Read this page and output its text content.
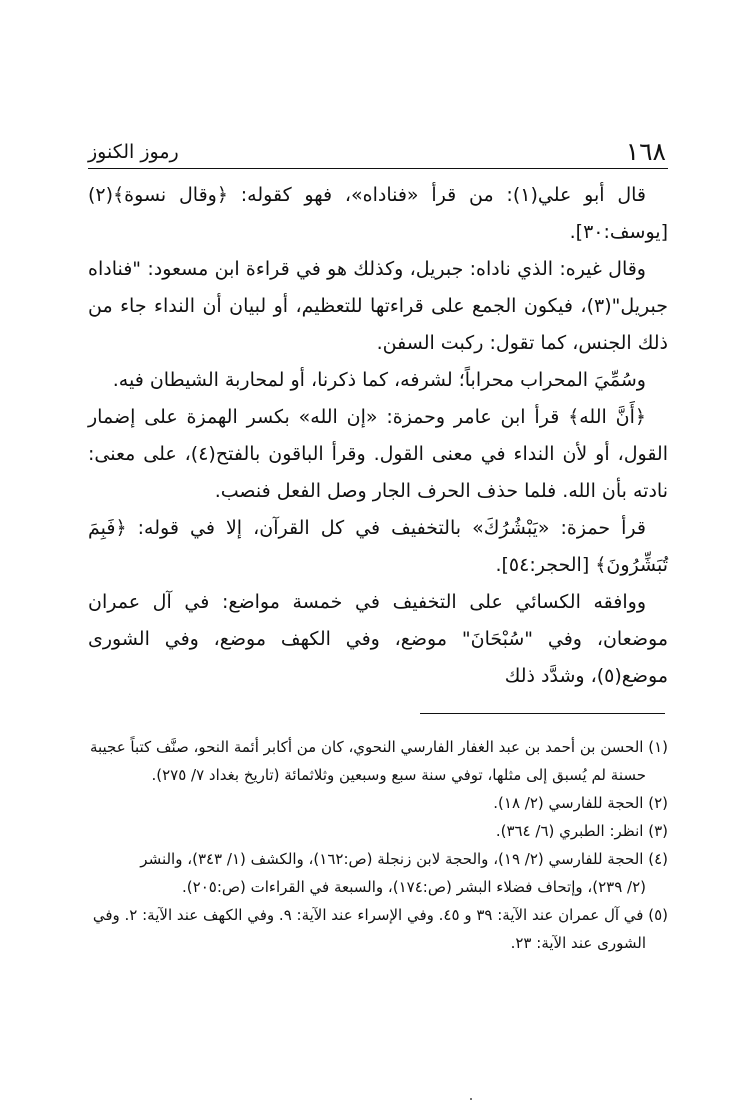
١٦٨
رموز الكنوز

قال أبو علي(١): من قرأ «فناداه»، فهو كقوله: ﴿وقال نسوة﴾(٢) [يوسف:٣٠].

وقال غيره: الذي ناداه: جبريل، وكذلك هو في قراءة ابن مسعود: "فناداه جبريل"(٣)، فيكون الجمع على قراءتها للتعظيم، أو لبيان أن النداء جاء من ذلك الجنس، كما تقول: ركبت السفن.

وسُمِّيَ المحراب محراباً؛ لشرفه، كما ذكرنا، أو لمحاربة الشيطان فيه.

﴿أَنَّ الله﴾ قرأ ابن عامر وحمزة: «إن الله» بكسر الهمزة على إضمار القول، أو لأن النداء في معنى القول. وقرأ الباقون بالفتح(٤)، على معنى: نادته بأن الله. فلما حذف الحرف الجار وصل الفعل فنصب.

قرأ حمزة: «يَبْشُرُكَ» بالتخفيف في كل القرآن، إلا في قوله: ﴿فَبِمَ تُبَشِّرُونَ﴾ [الحجر:٥٤].

ووافقه الكسائي على التخفيف في خمسة مواضع: في آل عمران موضعان، وفي "سُبْحَانَ" موضع، وفي الكهف موضع، وفي الشورى موضع(٥)، وشدَّد ذلك

(١) الحسن بن أحمد بن عبد الغفار الفارسي النحوي، كان من أكابر أئمة النحو، صنَّف كتباً عجيبة

حسنة لم يُسبق إلى مثلها، توفي سنة سبع وسبعين وثلاثمائة (تاريخ بغداد ٧/ ٢٧٥).

(٢) الحجة للفارسي (٢/ ١٨).

(٣) انظر: الطبري (٦/ ٣٦٤).

(٤) الحجة للفارسي (٢/ ١٩)، والحجة لابن زنجلة (ص:١٦٢)، والكشف (١/ ٣٤٣)، والنشر

(٢/ ٢٣٩)، وإتحاف فضلاء البشر (ص:١٧٤)، والسبعة في القراءات (ص:٢٠٥).

(٥) في آل عمران عند الآية: ٣٩ و ٤٥. وفي الإسراء عند الآية: ٩. وفي الكهف عند الآية: ٢. وفي

الشورى عند الآية: ٢٣.
